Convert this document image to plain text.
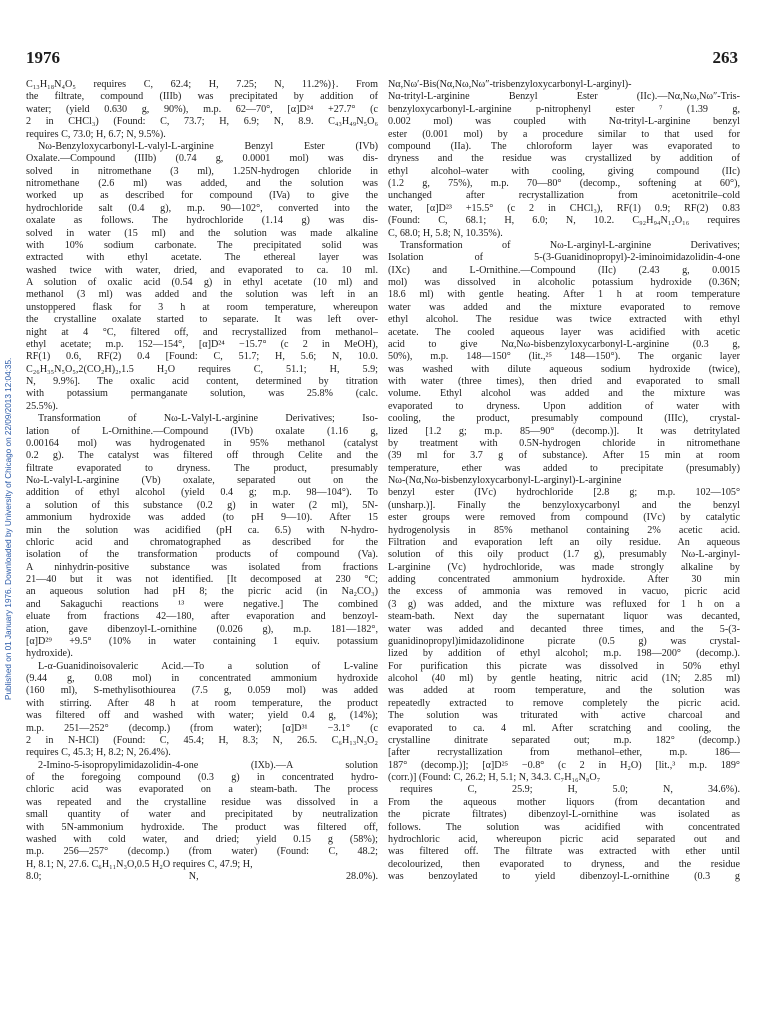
1976	263
Published on 01 January 1976. Downloaded by University of Chicago on 22/09/2013 12:04:35.
C₁₃H₁₈N₄O₅ requires C, 62.4; H, 7.25; N, 11.2%)}. From
the filtrate, compound (IIIb) was precipitated by addition of
water; (yield 0.630 g, 90%), m.p. 62—70°, [α]D²⁴ +27.7° (c
2 in CHCl₃) (Found: C, 73.7; H, 6.9; N, 8.9. C₄₃H₄₉N₅O₆
requires C, 73.0; H, 6.7; N, 9.5%).
Nω-Benzyloxycarbonyl-L-valyl-L-arginine Benzyl Ester (IVb)
Oxalate.—Compound (IIIb) (0.74 g, 0.0001 mol) was dis-
solved in nitromethane (3 ml), 1.25N-hydrogen chloride in
nitromethane (2.6 ml) was added, and the solution was
worked up as described for compound (IVa) to give the
hydrochloride salt (0.4 g), m.p. 90—102°, converted into the
oxalate as follows. The hydrochloride (1.14 g) was dis-
solved in water (15 ml) and the solution was made alkaline
with 10% sodium carbonate. The precipitated solid was
extracted with ethyl acetate. The ethereal layer was
washed twice with water, dried, and evaporated to ca. 10 ml.
A solution of oxalic acid (0.54 g) in ethyl acetate (10 ml) and
methanol (3 ml) was added and the solution was left in an
unstoppered flask for 3 h at room temperature, whereupon
the crystalline oxalate started to separate. It was left over-
night at 4 °C, filtered off, and recrystallized from methanol–
ethyl acetate; m.p. 152—154°, [α]D²⁴ −15.7° (c 2 in MeOH),
RF(1) 0.6, RF(2) 0.4 [Found: C, 51.7; H, 5.6; N, 10.0.
C₂₆H₃₅N₅O₅,2(CO₂H)₂,1.5 H₂O requires C, 51.1; H, 5.9;
N, 9.9%]. The oxalic acid content, determined by titration
with potassium permanganate solution, was 25.8% (calc.
25.5%).
Transformation of Nω-L-Valyl-L-arginine Derivatives; Iso-
lation of L-Ornithine.—Compound (IVb) oxalate (1.16 g,
0.00164 mol) was hydrogenated in 95% methanol (catalyst
0.2 g). The catalyst was filtered off through Celite and the
filtrate evaporated to dryness. The product, presumably
Nω-L-valyl-L-arginine (Vb) oxalate, separated out on the
addition of ethyl alcohol (yield 0.4 g; m.p. 98—104°). To
a solution of this substance (0.2 g) in water (2 ml), 5N-
ammonium hydroxide was added (to pH 9—10). After 15
min the solution was acidified (pH ca. 6.5) with N-hydro-
chloric acid and chromatographed as described for the
isolation of the transformation products of compound (Va).
A ninhydrin-positive substance was isolated from fractions
21—40 but it was not identified. [It decomposed at 230 °C;
an aqueous solution had pH 8; the picric acid (in Na₂CO₃)
and Sakaguchi reactions ¹³ were negative.] The combined
eluate from fractions 42—180, after evaporation and benzoyl-
ation, gave dibenzoyl-L-ornithine (0.026 g), m.p. 181—182°,
[α]D²⁹ +9.5° (10% in water containing 1 equiv. potassium
hydroxide).
L-α-Guanidinoisovaleric Acid.—To a solution of L-valine
(9.44 g, 0.08 mol) in concentrated ammonium hydroxide
(160 ml), S-methylisothiourea (7.5 g, 0.059 mol) was added
with stirring. After 48 h at room temperature, the product
was filtered off and washed with water; yield 0.4 g, (14%);
m.p. 251—252° (decomp.) (from water); [α]D³¹ −3.1° (c
2 in N-HCl) (Found: C, 45.4; H, 8.3; N, 26.5. C₆H₁₃N₃O₂
requires C, 45.3; H, 8.2; N, 26.4%).
2-Imino-5-isopropylimidazolidin-4-one (IXb).—A solution
of the foregoing compound (0.3 g) in concentrated hydro-
chloric acid was evaporated on a steam-bath. The process
was repeated and the crystalline residue was dissolved in a
small quantity of water and precipitated by neutralization
with 5N-ammonium hydroxide. The product was filtered off,
washed with cold water, and dried; yield 0.15 g (58%);
m.p. 256—257° (decomp.) (from water) (Found: C, 48.2;
H, 8.1; N, 27.6. C₆H₁₁N₃O,0.5 H₂O requires C, 47.9; H,
8.0; N, 28.0%).
Nα,Nω′-Bis(Nα,Nω,Nω″-trisbenzyloxycarbonyl-L-arginyl)-
Nα-trityl-L-arginine Benzyl Ester (IIc).—Nα,Nω,Nω″-Tris-
benzyloxycarbonyl-L-arginine p-nitrophenyl ester ⁷ (1.39 g,
0.002 mol) was coupled with Nα-trityl-L-arginine benzyl
ester (0.001 mol) by a procedure similar to that used for
compound (IIa). The chloroform layer was evaporated to
dryness and the residue was crystallized by addition of
ethyl alcohol–water with cooling, giving compound (IIc)
(1.2 g, 75%), m.p. 70—80° (decomp., softening at 60°),
unchanged after recrystallization from acetonitrile–cold
water, [α]D²³ +15.5° (c 2 in CHCl₃), RF(1) 0.9; RF(2) 0.83
(Found: C, 68.1; H, 6.0; N, 10.2. C₉₂H₉₄N₁₂O₁₆ requires
C, 68.0; H, 5.8; N, 10.35%).
Transformation of Nω-L-arginyl-L-arginine Derivatives;
Isolation of 5-(3-Guanidinopropyl)-2-iminoimidazolidin-4-one
(IXc) and L-Ornithine.—Compound (IIc) (2.43 g, 0.0015
mol) was dissolved in alcoholic potassium hydroxide (0.36N;
18.6 ml) with gentle heating. After 1 h at room temperature
water was added and the mixture evaporated to remove
ethyl alcohol. The residue was twice extracted with ethyl
acetate. The cooled aqueous layer was acidified with acetic
acid to give Nα,Nω-bisbenzyloxycarbonyl-L-arginine (0.3 g,
50%), m.p. 148—150° (lit.,²⁵ 148—150°). The organic layer
was washed with dilute aqueous sodium hydroxide (twice),
with water (three times), then dried and evaporated to small
volume. Ethyl alcohol was added and the mixture was
evaporated to dryness. Upon addition of water with
cooling, the product, presumably compound (IIIc), crystal-
lized [1.2 g; m.p. 85—90° (decomp.)]. It was detritylated
by treatment with 0.5N-hydrogen chloride in nitromethane
(39 ml for 3.7 g of substance). After 15 min at room
temperature, ether was added to precipitate (presumably)
Nω-(Nα,Nω-bisbenzyloxycarbonyl-L-arginyl)-L-arginine
benzyl ester (IVc) hydrochloride [2.8 g; m.p. 102—105°
(unsharp.)]. Finally the benzyloxycarbonyl and the benzyl
ester groups were removed from compound (IVc) by catalytic
hydrogenolysis in 85% methanol containing 2% acetic acid.
Filtration and evaporation left an oily residue. An aqueous
solution of this oily product (1.7 g), presumably Nω-L-arginyl-
L-arginine (Vc) hydrochloride, was made strongly alkaline by
adding concentrated ammonium hydroxide. After 30 min
the excess of ammonia was removed in vacuo, picric acid
(3 g) was added, and the mixture was refluxed for 1 h on a
steam-bath. Next day the supernatant liquor was decanted,
water was added and decanted three times, and the 5-(3-
guanidinopropyl)imidazolidinone picrate (0.5 g) was crystal-
lized by addition of ethyl alcohol; m.p. 198—200° (decomp.).
For purification this picrate was dissolved in 50% ethyl
alcohol (40 ml) by gentle heating, nitric acid (1N; 2.85 ml)
was added at room temperature, and the solution was
repeatedly extracted to remove completely the picric acid.
The solution was triturated with active charcoal and
evaporated to ca. 4 ml. After scratching and cooling, the
crystalline dinitrate separated out; m.p. 182° (decomp.)
[after recrystallization from methanol–ether, m.p. 186—
187° (decomp.)]; [α]D²⁵ −0.8° (c 2 in H₂O) [lit.,³ m.p. 189°
(corr.)] (Found: C, 26.2; H, 5.1; N, 34.3. C₇H₁₆N₈O₇
requires C, 25.9; H, 5.0; N, 34.6%).
From the aqueous mother liquors (from decantation and
the picrate filtrates) dibenzoyl-L-ornithine was isolated as
follows. The solution was acidified with concentrated
hydrochloric acid, whereupon picric acid separated out and
was filtered off. The filtrate was extracted with ether until
decolourized, then evaporated to dryness, and the residue
was benzoylated to yield dibenzoyl-L-ornithine (0.3 g
